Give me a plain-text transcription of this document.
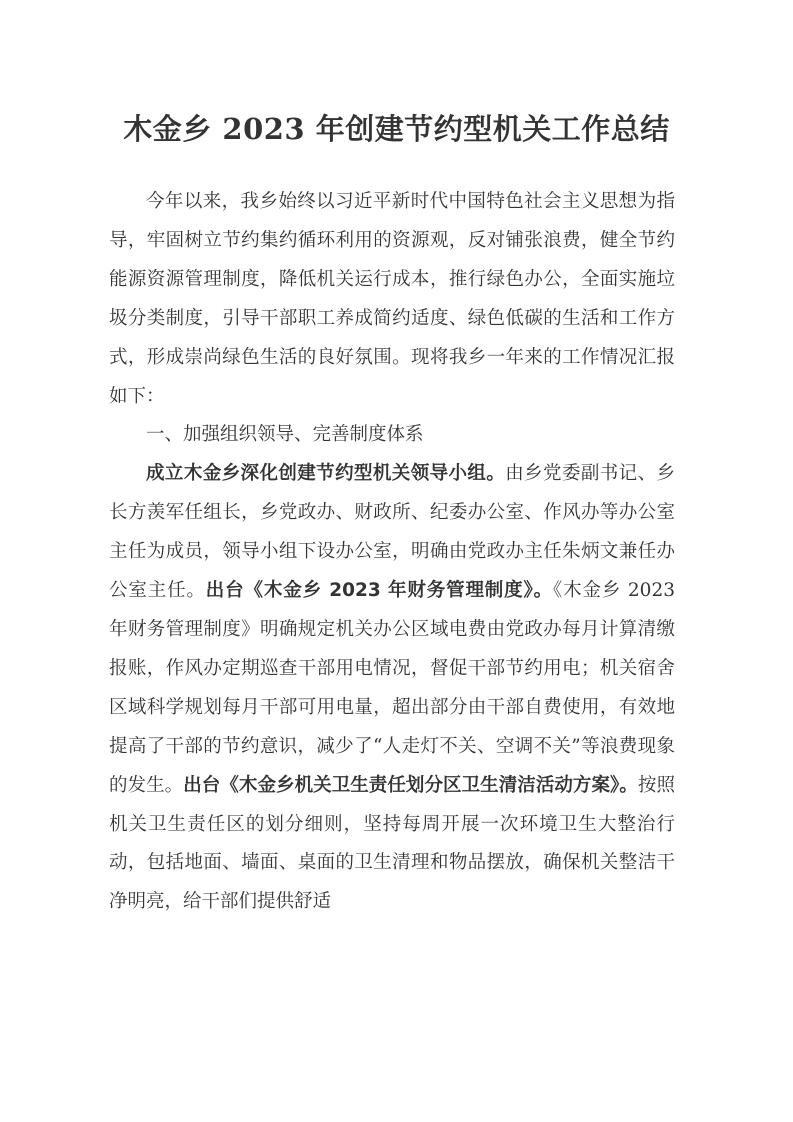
木金乡 2023 年创建节约型机关工作总结

今年以来，我乡始终以习近平新时代中国特色社会主义思想为指导，牢固树立节约集约循环利用的资源观，反对铺张浪费，健全节约能源资源管理制度，降低机关运行成本，推行绿色办公，全面实施垃圾分类制度，引导干部职工养成简约适度、绿色低碳的生活和工作方式，形成崇尚绿色生活的良好氛围。现将我乡一年来的工作情况汇报如下：

一、加强组织领导、完善制度体系

成立木金乡深化创建节约型机关领导小组。由乡党委副书记、乡长方羡军任组长，乡党政办、财政所、纪委办公室、作风办等办公室主任为成员，领导小组下设办公室，明确由党政办主任朱炳文兼任办公室主任。出台《木金乡 2023 年财务管理制度》。《木金乡 2023 年财务管理制度》明确规定机关办公区域电费由党政办每月计算清缴报账，作风办定期巡查干部用电情况，督促干部节约用电；机关宿舍区域科学规划每月干部可用电量，超出部分由干部自费使用，有效地提高了干部的节约意识，减少了“人走灯不关、空调不关”等浪费现象的发生。出台《木金乡机关卫生责任划分区卫生清洁活动方案》。按照机关卫生责任区的划分细则，坚持每周开展一次环境卫生大整治行动，包括地面、墙面、桌面的卫生清理和物品摆放，确保机关整洁干净明亮，给干部们提供舒适
